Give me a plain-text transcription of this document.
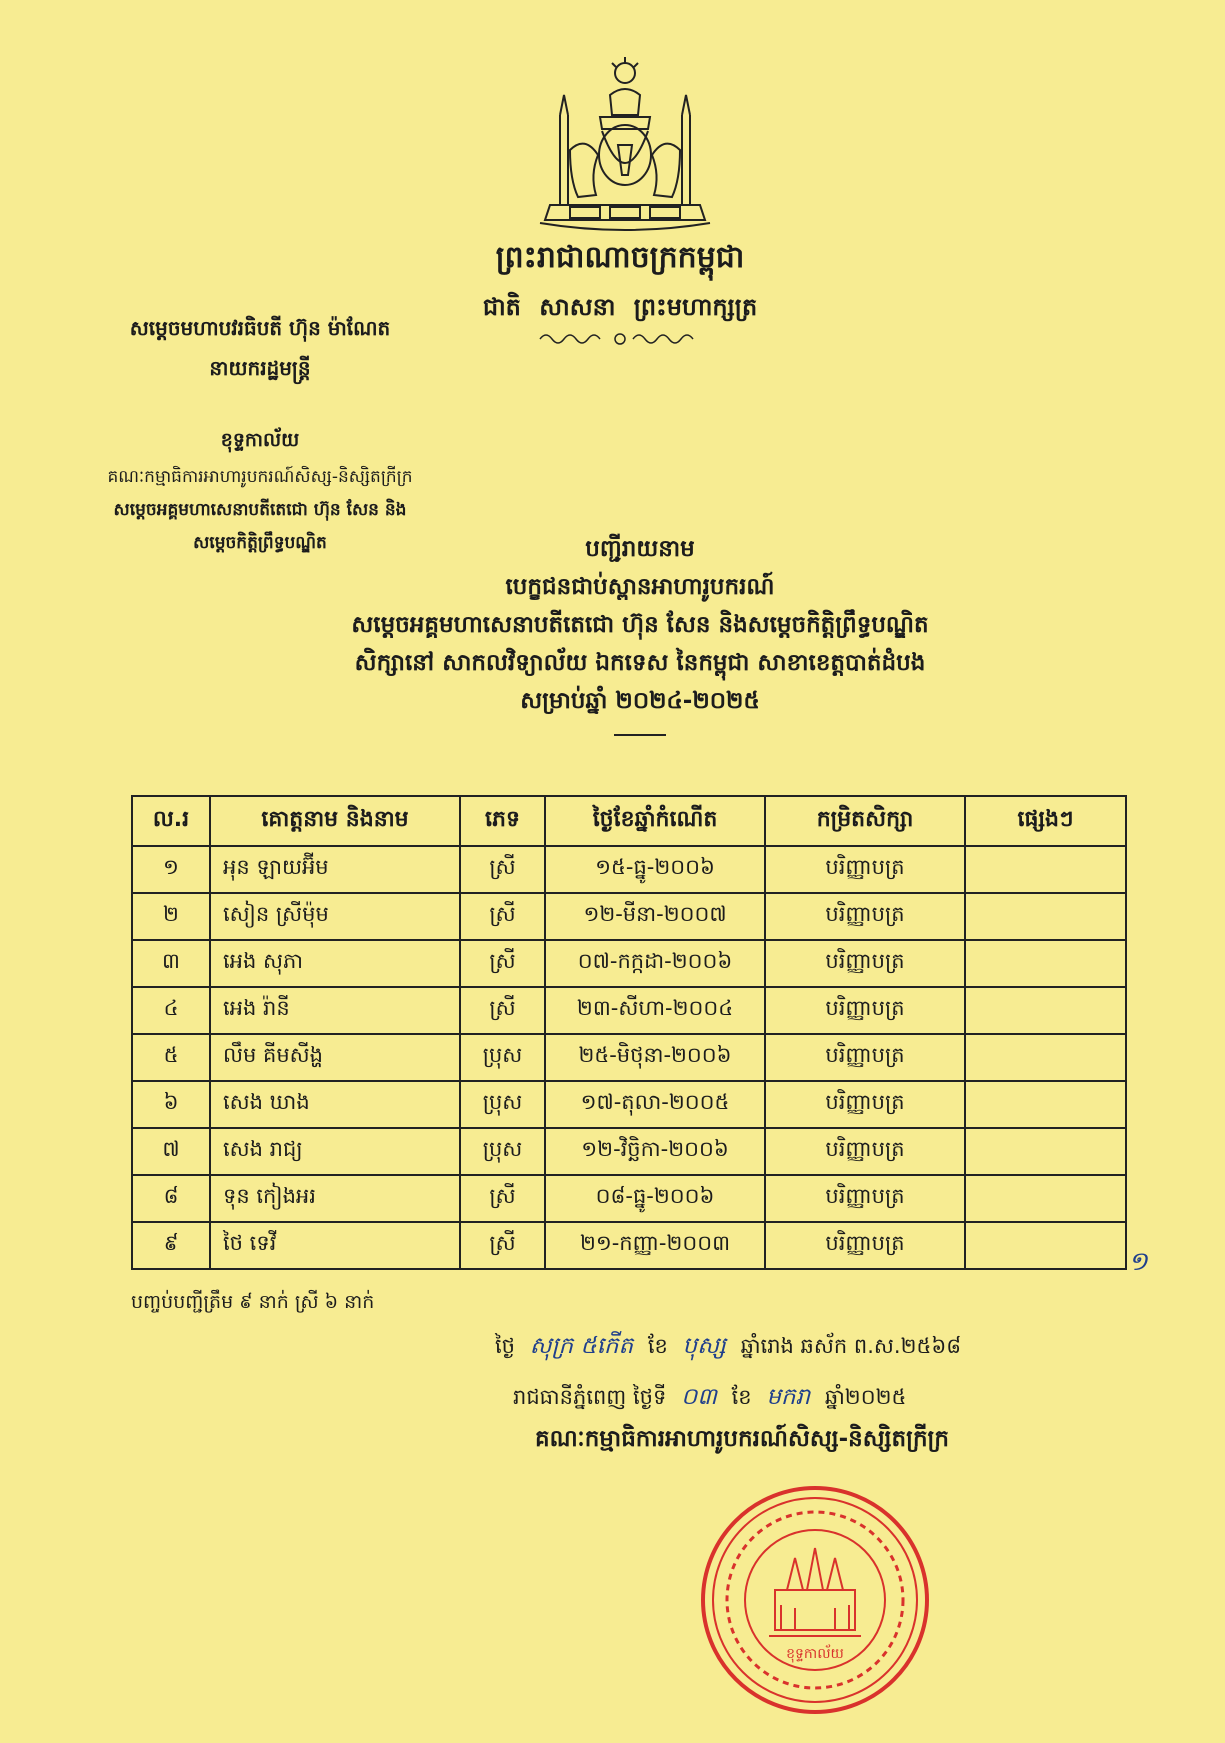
ព្រះរាជាណាចក្រកម្ពុជា
ជាតិ សាសនា ព្រះមហាក្សត្រ
សម្តេចមហាបវរធិបតី ហ៊ុន ម៉ាណែត
នាយករដ្ឋមន្ត្រី
ខុទ្ទកាល័យ
គណៈកម្មាធិការអាហារូបករណ៍សិស្ស-និស្សិតក្រីក្រ
សម្តេចអគ្គមហាសេនាបតីតេជោ ហ៊ុន សែន និង
សម្តេចកិត្តិព្រឹទ្ធបណ្ឌិត	បញ្ជីរាយនាម
បេក្ខជនជាប់ស្ពានអាហារូបករណ៍
សម្តេចអគ្គមហាសេនាបតីតេជោ ហ៊ុន សែន និងសម្តេចកិត្តិព្រឹទ្ធបណ្ឌិត
សិក្សានៅ សាកលវិទ្យាល័យ ឯកទេស នៃកម្ពុជា សាខាខេត្តបាត់ដំបង
សម្រាប់ឆ្នាំ ២០២៤-២០២៥
ល.រ	គោត្តនាម និងនាម	ភេទ	ថ្ងៃខែឆ្នាំកំណើត	កម្រិតសិក្សា	ផ្សេងៗ
១	អុន ឡាយអ៊ីម	ស្រី	១៥-ធ្នូ-២០០៦	បរិញ្ញាបត្រ	
២	សៀន ស្រីម៉ុម	ស្រី	១២-មីនា-២០០៧	បរិញ្ញាបត្រ	
៣	អេង សុភា	ស្រី	០៧-កក្កដា-២០០៦	បរិញ្ញាបត្រ	
៤	អេង រ៉ានី	ស្រី	២៣-សីហា-២០០៤	បរិញ្ញាបត្រ	
៥	លឹម គីមសីង្ហ	ប្រុស	២៥-មិថុនា-២០០៦	បរិញ្ញាបត្រ	
៦	សេង ឃាង	ប្រុស	១៧-តុលា-២០០៥	បរិញ្ញាបត្រ	
៧	សេង រាជ្យ	ប្រុស	១២-វិច្ឆិកា-២០០៦	បរិញ្ញាបត្រ	
៨	ទុន កៀងអរ	ស្រី	០៨-ធ្នូ-២០០៦	បរិញ្ញាបត្រ	
៩	ថៃ ទេវី	ស្រី	២១-កញ្ញា-២០០៣	បរិញ្ញាបត្រ	
១
បញ្ចប់បញ្ជីត្រឹម ៩ នាក់ ស្រី ៦ នាក់
ថ្ងៃ សុក្រ ៥កើត ខែ បុស្ស ឆ្នាំរោង ឆស័ក ព.ស.២៥៦៨
រាជធានីភ្នំពេញ ថ្ងៃទី ០៣ ខែ មករា ឆ្នាំ២០២៥
គណៈកម្មាធិការអាហារូបករណ៍សិស្ស-និស្សិតក្រីក្រ
ខុទ្ទកាល័យ
